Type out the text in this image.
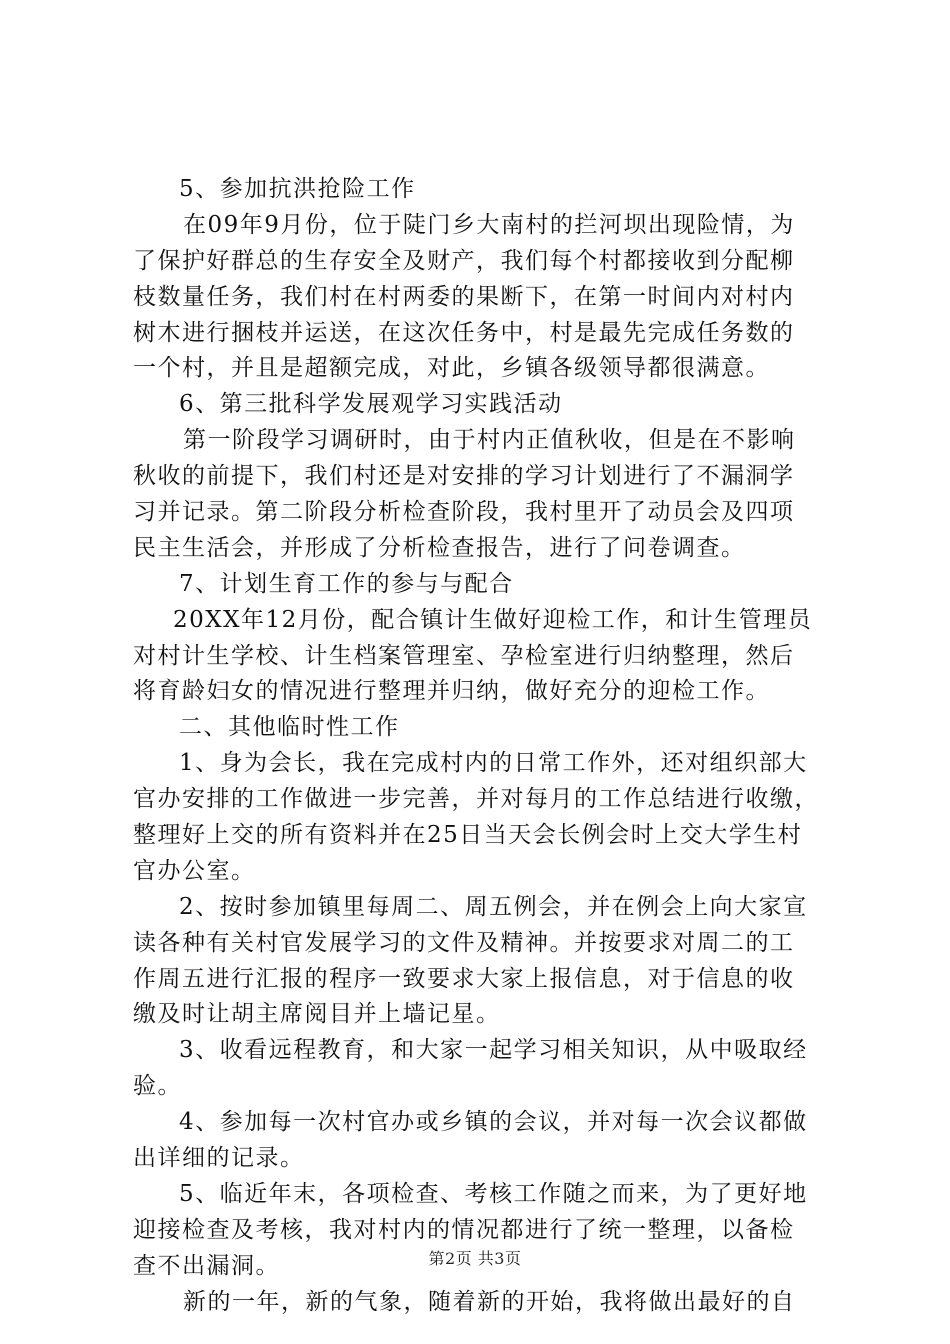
5、参加抗洪抢险工作
在09年9月份，位于陡门乡大南村的拦河坝出现险情，为
了保护好群总的生存安全及财产，我们每个村都接收到分配柳
枝数量任务，我们村在村两委的果断下，在第一时间内对村内
树木进行捆枝并运送，在这次任务中，村是最先完成任务数的
一个村，并且是超额完成，对此，乡镇各级领导都很满意。
6、第三批科学发展观学习实践活动
第一阶段学习调研时，由于村内正值秋收，但是在不影响
秋收的前提下，我们村还是对安排的学习计划进行了不漏洞学
习并记录。第二阶段分析检查阶段，我村里开了动员会及四项
民主生活会，并形成了分析检查报告，进行了问卷调查。
7、计划生育工作的参与与配合
20XX年12月份，配合镇计生做好迎检工作，和计生管理员
对村计生学校、计生档案管理室、孕检室进行归纳整理，然后
将育龄妇女的情况进行整理并归纳，做好充分的迎检工作。
二、其他临时性工作
1、身为会长，我在完成村内的日常工作外，还对组织部大
官办安排的工作做进一步完善，并对每月的工作总结进行收缴，
整理好上交的所有资料并在25日当天会长例会时上交大学生村
官办公室。
2、按时参加镇里每周二、周五例会，并在例会上向大家宣
读各种有关村官发展学习的文件及精神。并按要求对周二的工
作周五进行汇报的程序一致要求大家上报信息，对于信息的收
缴及时让胡主席阅目并上墙记星。
3、收看远程教育，和大家一起学习相关知识，从中吸取经
验。
4、参加每一次村官办或乡镇的会议，并对每一次会议都做
出详细的记录。
5、临近年末，各项检查、考核工作随之而来，为了更好地
迎接检查及考核，我对村内的情况都进行了统一整理，以备检
查不出漏洞。
新的一年，新的气象，随着新的开始，我将做出最好的自
第2页 共3页
